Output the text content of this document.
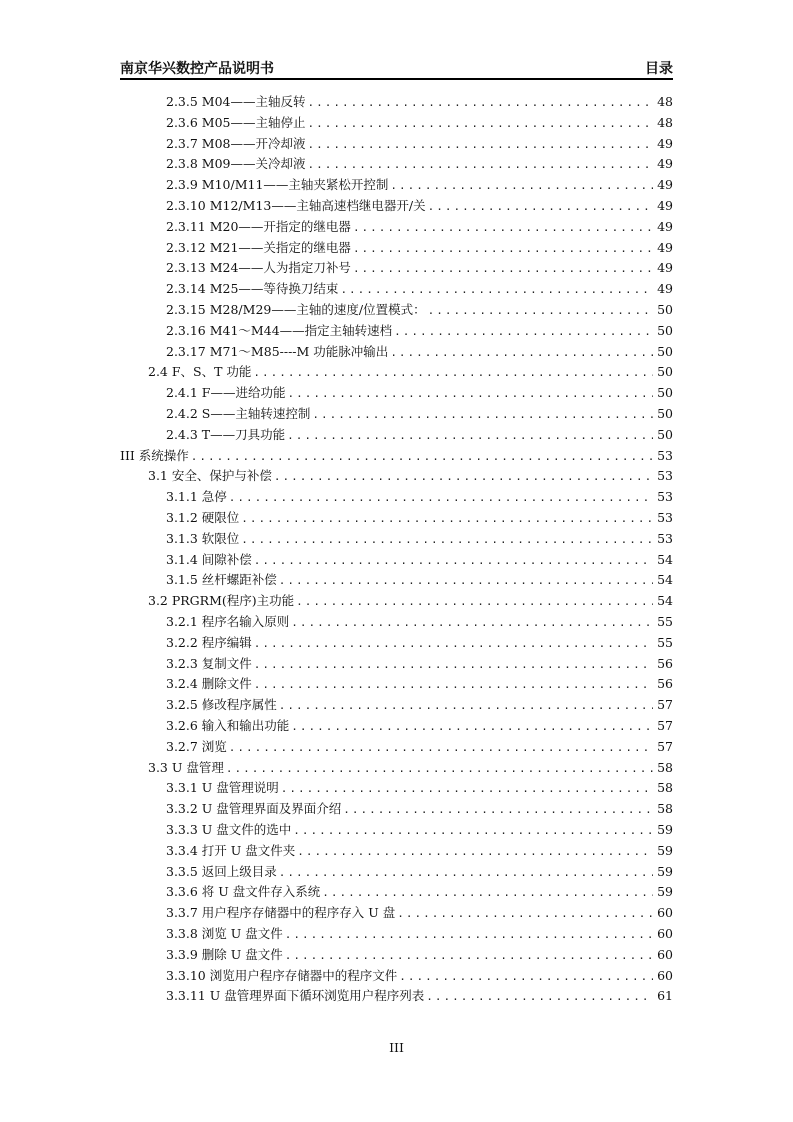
南京华兴数控产品说明书	目录
2.3.5 M04——主轴反转 .....	48
2.3.6 M05——主轴停止 .....	48
2.3.7 M08——开冷却液 .....	49
2.3.8 M09——关冷却液 .....	49
2.3.9 M10/M11——主轴夹紧松开控制 .....	49
2.3.10 M12/M13——主轴高速档继电器开/关 .....	49
2.3.11 M20——开指定的继电器 .....	49
2.3.12 M21——关指定的继电器 .....	49
2.3.13 M24——人为指定刀补号 .....	49
2.3.14 M25——等待换刀结束 .....	49
2.3.15 M28/M29——主轴的速度/位置模式： .....	50
2.3.16 M41～M44——指定主轴转速档 .....	50
2.3.17 M71～M85----M 功能脉冲输出 .....	50
2.4 F、S、T 功能 .....	50
2.4.1 F——进给功能 .....	50
2.4.2 S——主轴转速控制 .....	50
2.4.3 T——刀具功能 .....	50
III 系统操作 .....	53
3.1 安全、保护与补偿 .....	53
3.1.1 急停 .....	53
3.1.2 硬限位 .....	53
3.1.3 软限位 .....	53
3.1.4 间隙补偿 .....	54
3.1.5 丝杆螺距补偿 .....	54
3.2 PRGRM(程序)主功能 .....	54
3.2.1 程序名输入原则 .....	55
3.2.2 程序编辑 .....	55
3.2.3 复制文件 .....	56
3.2.4 删除文件 .....	56
3.2.5 修改程序属性 .....	57
3.2.6 输入和输出功能 .....	57
3.2.7 浏览 .....	57
3.3 U 盘管理 .....	58
3.3.1 U 盘管理说明 .....	58
3.3.2 U 盘管理界面及界面介绍 .....	58
3.3.3 U 盘文件的选中 .....	59
3.3.4 打开 U 盘文件夹 .....	59
3.3.5 返回上级目录 .....	59
3.3.6 将 U 盘文件存入系统 .....	59
3.3.7 用户程序存储器中的程序存入 U 盘 .....	60
3.3.8 浏览 U 盘文件 .....	60
3.3.9 删除 U 盘文件 .....	60
3.3.10 浏览用户程序存储器中的程序文件 .....	60
3.3.11 U 盘管理界面下循环浏览用户程序列表 .....	61
III
